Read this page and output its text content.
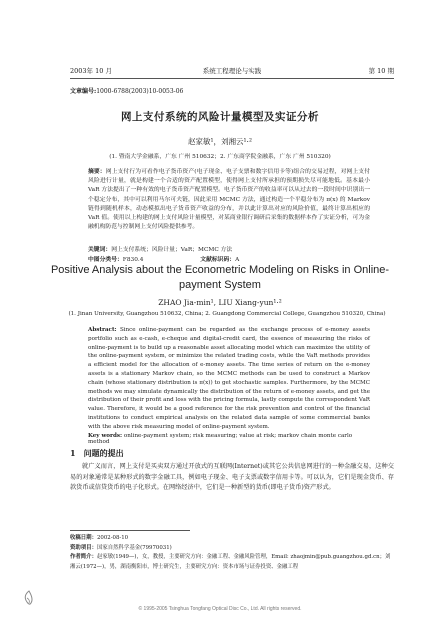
2003年 10 月	系统工程理论与实践	第 10 期
文章编号:1000-6788(2003)10-0053-06
网上支付系统的风险计量模型及实证分析
赵家敏¹，刘湘云¹·²
(1. 暨南大学金融系，广东 广州 510632；2. 广东商学院金融系，广东 广州 510320)
摘要：网上支付行为可看作电子货币资产(电子现金、电子支票和数字信用卡等)组合的交易过程，对网上支付风险进行计量，就是构建一个合适的资产配置模型，使得网上支付所承担的预期损失尽可能地低。基本最小 VaR 方法提出了一种有效的电子货币资产配置模型。电子货币资产的收益率可以从过去的一段时间中识别出一个稳定分布，其中可以利用马尔可夫链，因此采用 MCMC 方法，通过构造一个平稳分布为 π(x) 的 Markov 链得到随机样本，动态模拟出电子货币资产收益的分布，并以此计算出对应的风险价值，最终计算出相应的 VaR 值。使用以上构建的网上支付风险计量模型，对某商业银行调研后采集的数据样本作了实证分析，可为金融机构防范与控制网上支付风险提供参考。
关键词：网上支付系统；风险计量；VaR；MCMC 方法
中图分类号：F830.4	文献标识码：A
Positive Analysis about the Econometric Modeling on Risks in Online-payment System
ZHAO Jia-min¹, LIU Xiang-yun¹·²
(1. Jinan University, Guangzhou 510632, China; 2. Guangdong Commercial College, Guangzhou 510320, China)
Abstract: Since online-payment can be regarded as the exchange process of e-money assets portfolio such as e-cash, e-cheque and digital-credit card, the essence of measuring the risks of online-payment is to build up a reasonable asset allocating model which can maximize the utility of the online-payment system, or minimize the related trading costs, while the VaR methods provides a efficient model for the allocation of e-money assets. The time series of return on the e-money assets is a stationary Markov chain, so the MCMC methods can be used to construct a Markov chain (whose stationary distribution is π(x)) to get stochastic samples. Furthermore, by the MCMC methods we may simulate dynamically the distribution of the return of e-money assets, and get the distribution of their profit and loss with the pricing formula, lastly compute the correspondent VaR value. Therefore, it would be a good reference for the risk prevention and control of the financial institutions to conduct empirical analysis on the related data sample of some commercial banks with the above risk measuring model of online-payment system.
Key words: online-payment system; risk measuring; value at risk; markov chain monte carlo method
1　问题的提出
就广义而言，网上支付是买卖双方通过开放式的互联网(Internet)或其它公共信息网进行的一种金融交易，这种交易的对象通常是某种形式的数字金融工具，例如电子现金、电子支票或数字信用卡等。可以认为，它们是现金货币、存款货币或信贷货币的电子化形式。在网络经济中，它们是一种新型的货币(即电子货币)资产形式。
收稿日期：2002-08-10
资助项目：国家自然科学基金(79970031)
作者简介：赵家敏(1949—)，女，教授，主要研究方向：金融工程、金融风险管理，Email: zhaojmin@pub.guangzhou.gd.cn；刘湘云(1972—)，男，湖南衡阳市，博士研究生，主要研究方向：资本市场与证券投资、金融工程
© 1995-2005 Tsinghua Tongfang Optical Disc Co., Ltd. All rights reserved.
